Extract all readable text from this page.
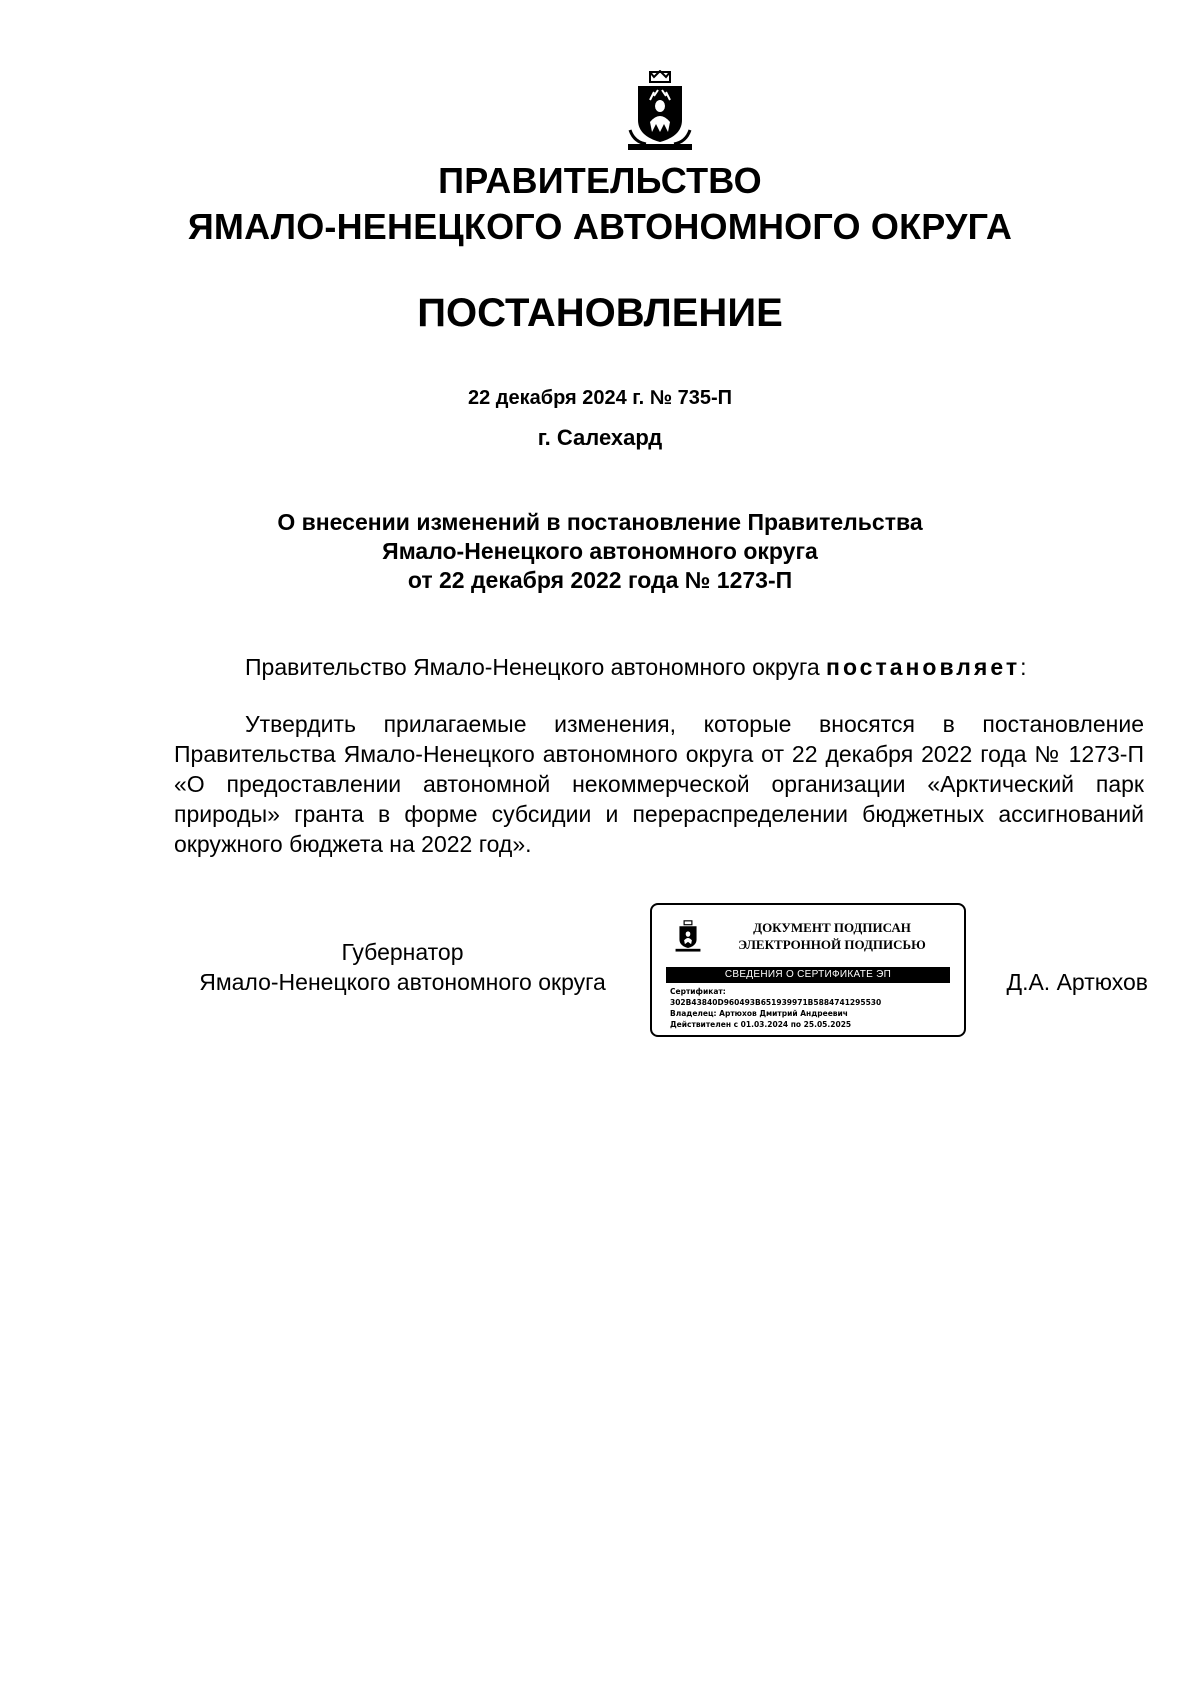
ПРАВИТЕЛЬСТВО
ЯМАЛО-НЕНЕЦКОГО АВТОНОМНОГО ОКРУГА
ПОСТАНОВЛЕНИЕ
22 декабря 2024 г. № 735-П
г. Салехард
О внесении изменений в постановление Правительства
Ямало-Ненецкого автономного округа
от 22 декабря 2022 года № 1273-П
Правительство Ямало-Ненецкого автономного округа постановляет:

Утвердить прилагаемые изменения, которые вносятся в постановление Правительства Ямало-Ненецкого автономного округа от 22 декабря 2022 года № 1273-П «О предоставлении автономной некоммерческой организации «Арктический парк природы» гранта в форме субсидии и перераспределении бюджетных ассигнований окружного бюджета на 2022 год».

Губернатор
Ямало-Ненецкого автономного округа
ДОКУМЕНТ ПОДПИСАН
ЭЛЕКТРОННОЙ ПОДПИСЬЮ
СВЕДЕНИЯ О СЕРТИФИКАТЕ ЭП
Сертификат:
302B43840D960493B651939971B5884741295530
Владелец: Артюхов Дмитрий Андреевич
Действителен с 01.03.2024 по 25.05.2025
Д.А. Артюхов
